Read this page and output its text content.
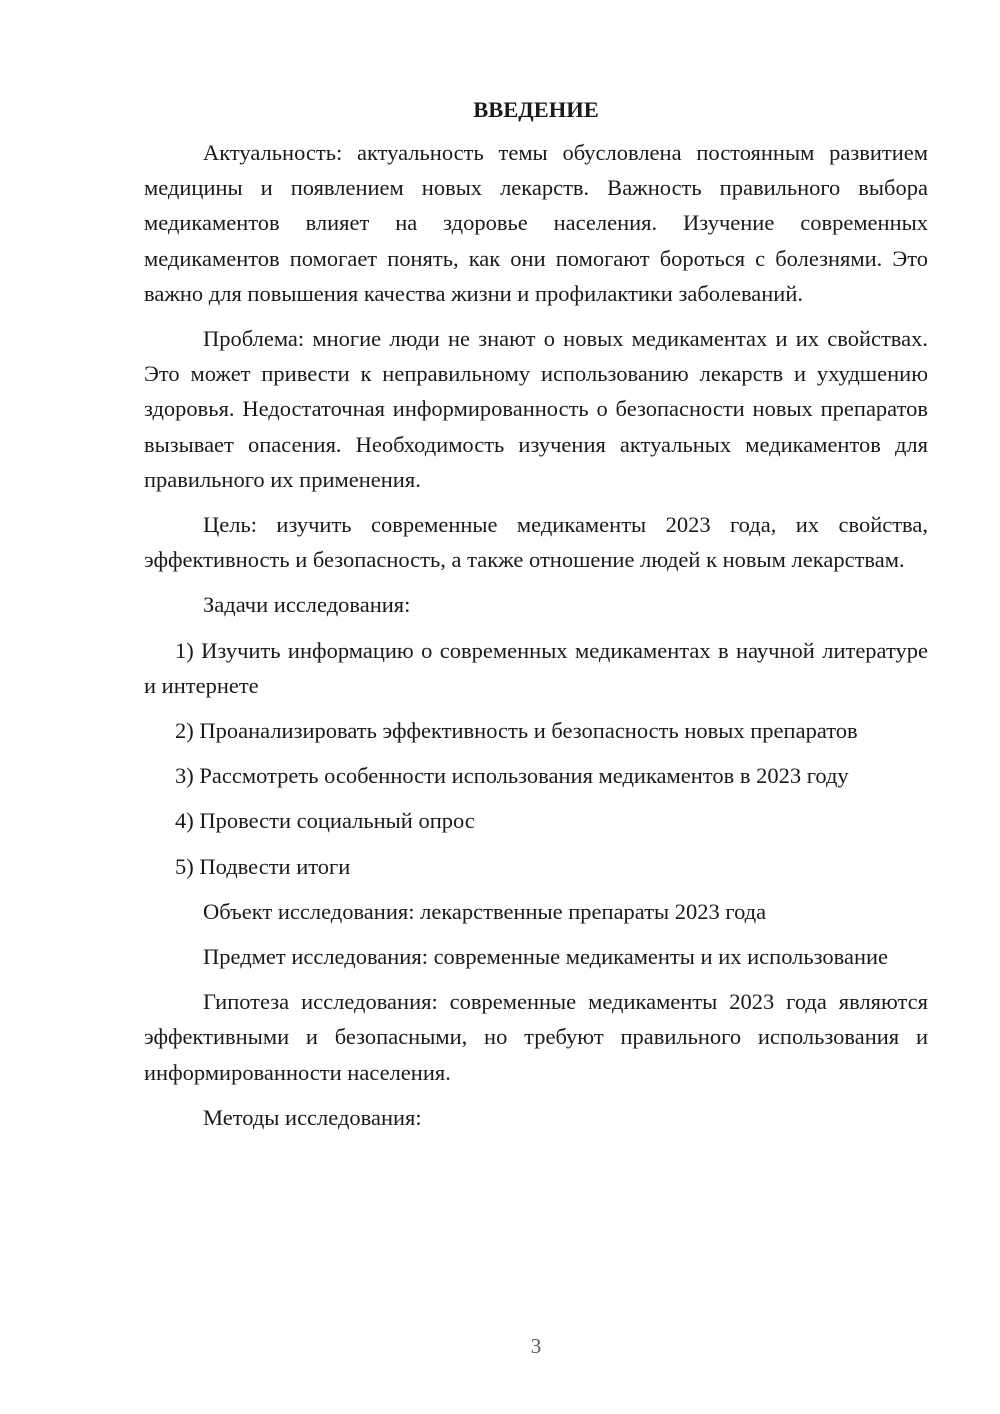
ВВЕДЕНИЕ

Актуальность: актуальность темы обусловлена постоянным развитием медицины и появлением новых лекарств. Важность правильного выбора медикаментов влияет на здоровье населения. Изучение современных медикаментов помогает понять, как они помогают бороться с болезнями. Это важно для повышения качества жизни и профилактики заболеваний.

Проблема: многие люди не знают о новых медикаментах и их свойствах. Это может привести к неправильному использованию лекарств и ухудшению здоровья. Недостаточная информированность о безопасности новых препаратов вызывает опасения. Необходимость изучения актуальных медикаментов для правильного их применения.

Цель: изучить современные медикаменты 2023 года, их свойства, эффективность и безопасность, а также отношение людей к новым лекарствам.

Задачи исследования:

1) Изучить информацию о современных медикаментах в научной литературе и интернете

2) Проанализировать эффективность и безопасность новых препаратов

3) Рассмотреть особенности использования медикаментов в 2023 году

4) Провести социальный опрос

5) Подвести итоги

Объект исследования: лекарственные препараты 2023 года

Предмет исследования: современные медикаменты и их использование

Гипотеза исследования: современные медикаменты 2023 года являются эффективными и безопасными, но требуют правильного использования и информированности населения.

Методы исследования:

3
